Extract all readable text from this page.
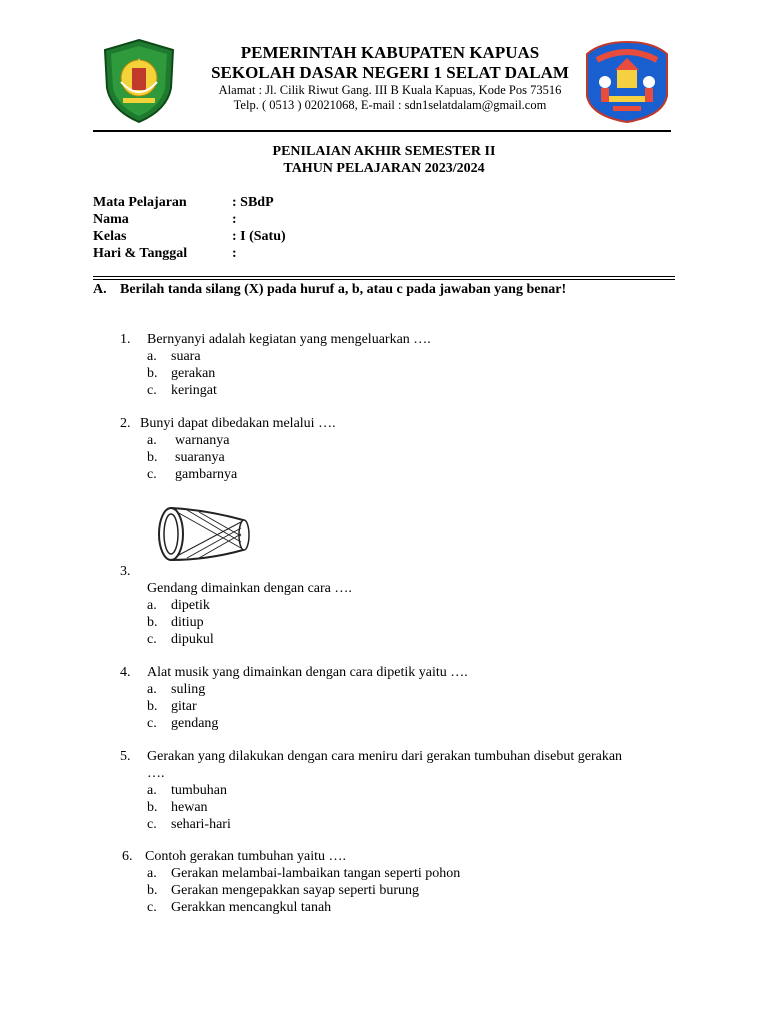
PEMERINTAH KABUPATEN KAPUAS
SEKOLAH DASAR NEGERI 1 SELAT DALAM
Alamat : Jl. Cilik Riwut Gang. III B Kuala Kapuas, Kode Pos 73516
Telp. ( 0513 ) 02021068, E-mail : sdn1selatdalam@gmail.com
PENILAIAN AKHIR SEMESTER II
TAHUN PELAJARAN 2023/2024
Mata Pelajaran	: SBdP
Nama	:
Kelas	: I (Satu)
Hari & Tanggal	:
A. Berilah tanda silang (X) pada huruf a, b, atau c pada jawaban yang benar!
1.	Bernyanyi adalah kegiatan yang mengeluarkan ….
a.	suara
b. gerakan
c.	keringat
2. Bunyi dapat dibedakan melalui ….
a.	warnanya
b.	suaranya
c.	gambarnya
3.
Gendang dimainkan dengan cara ….
a.	dipetik
b. ditiup
c.	dipukul
4.	Alat musik yang dimainkan dengan cara dipetik yaitu ….
a.	suling
b. gitar
c.	gendang
5.	Gerakan yang dilakukan dengan cara meniru dari gerakan tumbuhan disebut gerakan
….
a.	tumbuhan
b. hewan
c.	sehari-hari
6. Contoh gerakan tumbuhan yaitu ….
a.	Gerakan melambai-lambaikan tangan seperti pohon
b. Gerakan mengepakkan sayap seperti burung
c.	Gerakkan mencangkul tanah
